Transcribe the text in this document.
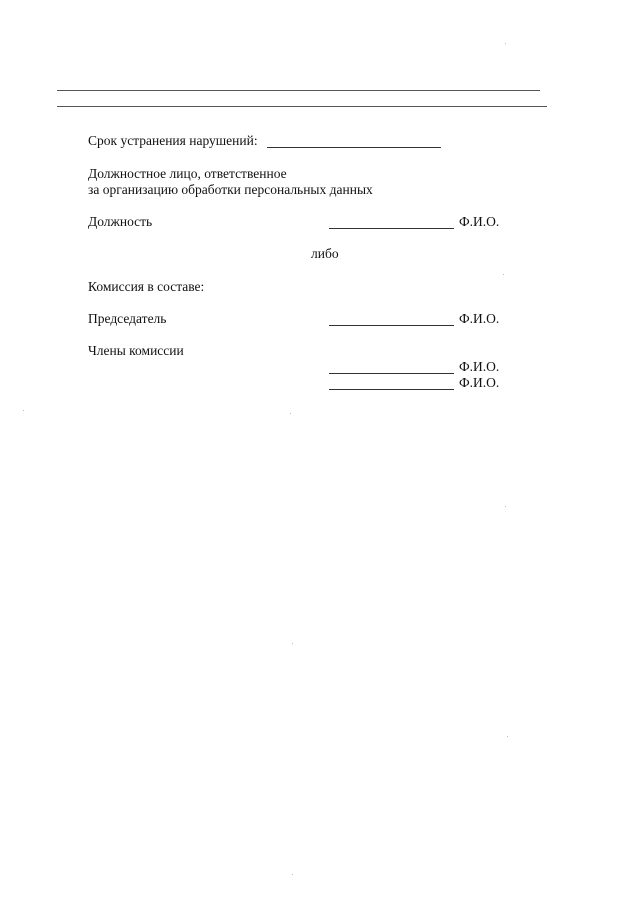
Срок устранения нарушений:
Должностное лицо, ответственное
за организацию обработки персональных данных
Должность	Ф.И.О.
либо
Комиссия в составе:
Председатель	Ф.И.О.
Члены комиссии
Ф.И.О.
Ф.И.О.
